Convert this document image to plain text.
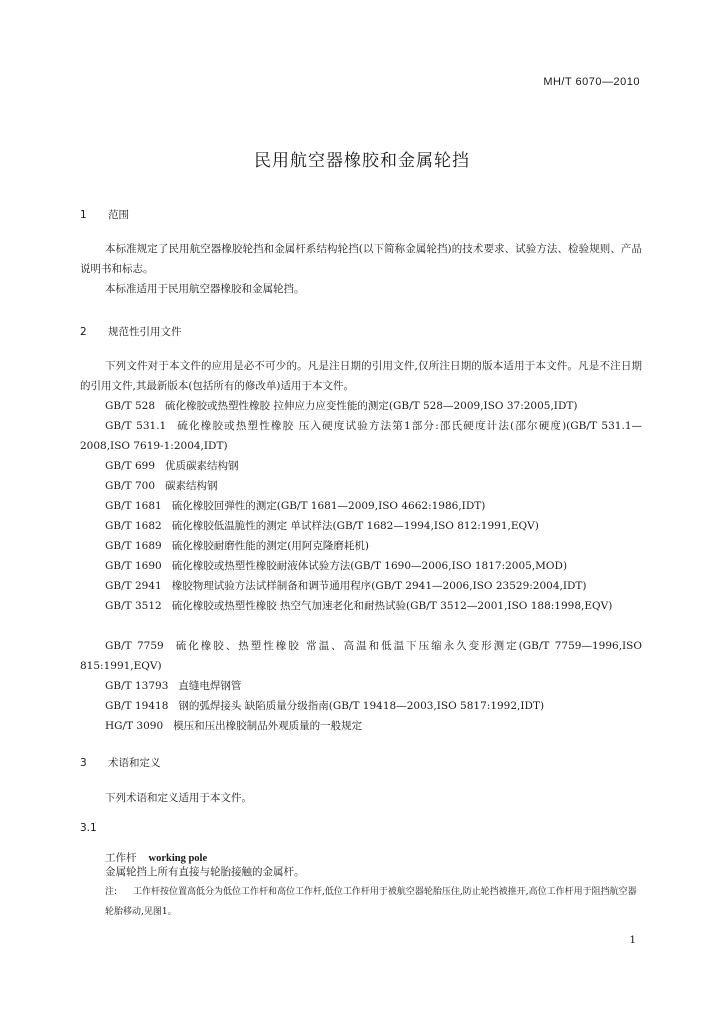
MH/T 6070—2010
民用航空器橡胶和金属轮挡
1 范围
本标准规定了民用航空器橡胶轮挡和金属杆系结构轮挡(以下简称金属轮挡)的技术要求、试验方法、检验规则、产品说明书和标志。
本标准适用于民用航空器橡胶和金属轮挡。
2 规范性引用文件
下列文件对于本文件的应用是必不可少的。凡是注日期的引用文件,仅所注日期的版本适用于本文件。凡是不注日期的引用文件,其最新版本(包括所有的修改单)适用于本文件。
GB/T 528 硫化橡胶或热塑性橡胶 拉伸应力应变性能的测定(GB/T 528—2009,ISO 37:2005,IDT)
GB/T 531.1 硫化橡胶或热塑性橡胶 压入硬度试验方法第1部分:邵氏硬度计法(邵尔硬度)(GB/T 531.1—2008,ISO 7619-1:2004,IDT)
GB/T 699 优质碳素结构钢
GB/T 700 碳素结构钢
GB/T 1681 硫化橡胶回弹性的测定(GB/T 1681—2009,ISO 4662:1986,IDT)
GB/T 1682 硫化橡胶低温脆性的测定 单试样法(GB/T 1682—1994,ISO 812:1991,EQV)
GB/T 1689 硫化橡胶耐磨性能的测定(用阿克隆磨耗机)
GB/T 1690 硫化橡胶或热塑性橡胶耐液体试验方法(GB/T 1690—2006,ISO 1817:2005,MOD)
GB/T 2941 橡胶物理试验方法试样制备和调节通用程序(GB/T 2941—2006,ISO 23529:2004,IDT)
GB/T 3512 硫化橡胶或热塑性橡胶 热空气加速老化和耐热试验(GB/T 3512—2001,ISO 188:1998,EQV)
GB/T 7759 硫化橡胶、热塑性橡胶 常温、高温和低温下压缩永久变形测定(GB/T 7759—1996,ISO 815:1991,EQV)
GB/T 13793 直缝电焊钢管
GB/T 19418 钢的弧焊接头 缺陷质量分级指南(GB/T 19418—2003,ISO 5817:1992,IDT)
HG/T 3090 模压和压出橡胶制品外观质量的一般规定
3 术语和定义
下列术语和定义适用于本文件。
3.1
工作杆 working pole
金属轮挡上所有直接与轮胎接触的金属杆。
注: 工作杆按位置高低分为低位工作杆和高位工作杆,低位工作杆用于被航空器轮胎压住,防止轮挡被推开,高位工作杆用于阻挡航空器轮胎移动,见图1。
1
